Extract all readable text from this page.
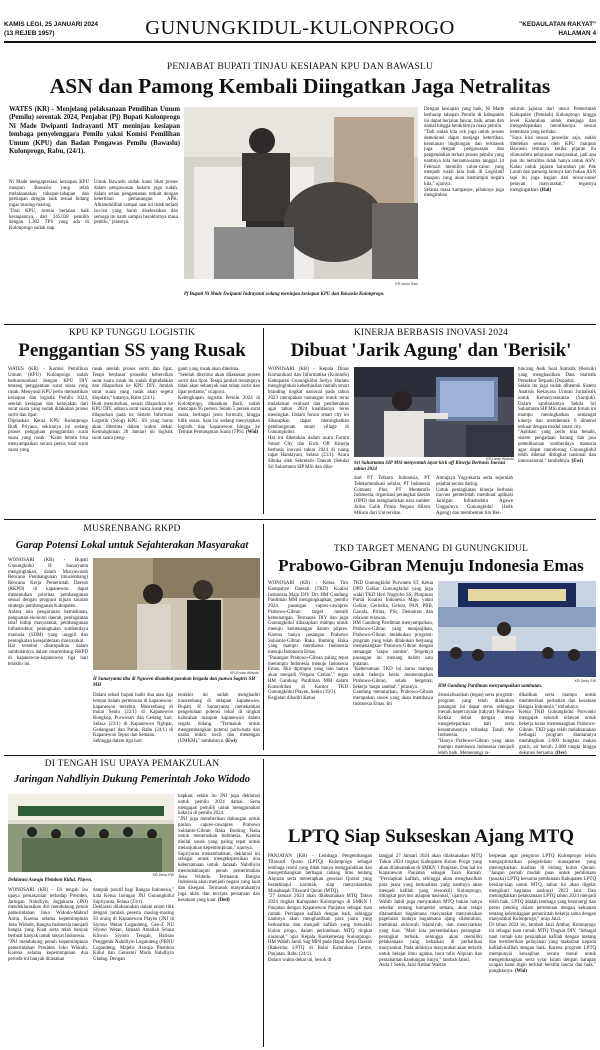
KAMIS LEGI, 25 JANUARI 2024
(13 REJEB 1957)	GUNUNGKIDUL-KULONPROGO	"KEDAULATAN RAKYAT"
HALAMAN 4
PENJABAT BUPATI TINJAU KESIAPAN KPU DAN BAWASLU
ASN dan Pamong Kembali Diingatkan Jaga Netralitas

WATES (KR) - Menjelang pelaksanaan Pemilihan Umum (Pemilu) serentak 2024, Penjabat (Pj) Bupati Kulonprogo Ni Made Dwipanti Indrayanti MT meninjau kesiapan lembaga penyelenggara Pemilu yakni Komisi Pemilihan Umum (KPU) dan Badan Pengawas Pemilu (Bawaslu) Kulonprogo, Rabu, (24/1).

Ni Made mengapresiasi kesiapan KPU maupun Bawaslu yang telah melaksanakan tahapan-tahapan dan persiapan dengan baik sesuai bidang tugas masing-masing.
"Dari KPU, semua berjalan baik kesiapannya, dari 345.038 pemilih dengan 1.302 TPS yang ada di Kulonprogo sudah siap.

Untuk Bawaslu sudah kami lihat proses dalam pengawasan hukum juga sudah, dalam artian pengamanan terkait dengan ketertiban pemasangan APK. Alhamdulillah sampai saat ini tidak terjadi isu-isu yang harus diselesaikan dan semoga itu nanti sampai berakhirnya masa pemilu," jelasnya.

Pj Bupati Ni Made Dwipanti Indrayanti sedang meninjau kesiapan KPU dan Bawaslu Kulonprogo.
KR-Asrul Sani

Dengan kesiapan yang baik, Ni Made berharap tahapan Pemilu di kabupaten ini dapat berjalan lancar, baik, aman dan damai hingga berakhirnya masa pemilu.
"Tadi sudah kita cek juga untuk proses demokrasi dapat menjaga ketertiban, keamanan lingkungan dan termasuk juga dengan pengawasan dan pengendalian terkait proses pemilu yang nantinya kita bersama-sama tanggal 14 Februari memilih calon-calon yang menjadi wakil kita baik di Legislatif maupun yang akan memimpin negara kita," ujarnya.
Selama masa kampanye, pihaknya juga mengimbau

seluruh jajaran dari unsur Pemerintah Kabupaten (Pemkab) Kulonprogo hingga level Kalurahan untuk menjaga dan mengedepankan netralitasnya sesuai ketentuan yang berlaku.
"Saya kira sesuai prosedur saja, sudah ditetekan semua oleh KPU maupun Bawaslu tentunya ketika pijaran itu silaturahmi pelayanan masyarakat, jadi apa pun itu netralitas tidak hanya untuk ASN. Kalau untuk jajaran kalurahan pic Pak Lurah dan pamong lainnya kan bukan ASN tapi itu juga bagian dari unsur-unsur pelayan masyarakat," tegasnya mengingatkan. (Rul)

KPU KP TUNGGU LOGISTIK
Penggantian SS yang Rusak

WATES (KR) - Komisi Pemilihan Umum (KPU) Kulonprogo sudah berkomunikasi dengan KPU DIY tentang penggantian surat suara yang rusak. Menyusul KPU perlu memastikan kesiapan dan logistik Pemilu 2024, setelah kesiapan dan kelayakan dari surat suara yang sudah dilakukan proses sortir dan lipat.
Dijelaskan Ketua KPU Kulonprogo Budi Priyana, sekiranya ini sedang proses pengajuan penggantian surat suara yang rusak. "Kami belum bisa menyampaikan secara persis total surat suara yang

rusak setelah proses sortir dan lipat. Tetapi berdasar prosedur kebersihan surat suara rusak itu sudah dipindahkan dan dilaporkan ke KPU DIY. Jumlah surat suara yang rusak akan segera diupdate," katanya, Rabu (24/1).
Budi menuturkan, sesuai dilaporkan ke KPU DIY, adanya surat suara rusak yang dilaporkan pada ke Sistem Informasi Logistik (Silog) KPU. SS yang harus akan diterima dalam waktu dekat. Kemungkinan 26 Januari ini logistik surat suara peng-

ganti yang rusak akan diterima.
"Setelah diterima akan dilakukan proses sortir dan lipat. Tetapi jumlah tentangnya tidak akan sebanyak saat tahap sortir dan lipat pertama," ucapnya.
Kelengkapan logistik Pemilu 2024 di Kulonprogo, dikatakan Budi, sudah mencapai 95 persen. Selain 5 persen surat suara, berbagai jenis formulir, hingga bilik suara. Saat ini sedang menyiapkan logistik tiap kapanewon hingga ke Tempat Pemungutan Suara (TPS). (Wid)

KINERJA BERBASIS INOVASI 2024
Dibuat 'Jarik Agung' dan 'Berisik'

WONOSARI (KR) - Kepala Dinas Komunikasi dan Informatika (Kominfo) Kabupaten Gunungkidul Setiyo Hartato menginginkan keberhasilan meraih smart branding tingkat nasional pada tahun 2023 merupakan tantangan untuk terus melakukan evaluasi dan pembenahan agar tahun 2024 kualitasnya terus meningkat. Dalam forum smart city ini diharapkan dapat meningkatkan pembangunan smart village di Gunungkidul.
Hal ini diketakan dalam acara Forum Smart City dan Kick Off Kinerja berbasis inovasi tahun 2024 di ruang rapat Handayani, Selasa (23/1). Acara dibuka oleh Sekretaris Daerah (Sekda) Sri Suhartanta SIP MSi dan diha-

Sri Suhartanta SIP MSi menyentuh layar kick off Kinerja Berbasis Inovasi tahun 2024
KR-Dedy Widodo

dari PT Telkom Indonesia, PT Telekomunikasi selular, PT Indonesia Comnets Plus, PT Mentemfis Indonesia, organisasi perangkat daerah (OPD) dan menghadirkan nara sumber Julius Galih Prima Negara SKom MKom dari Universitas

Atmajaya Yogyakarta serta sejumlah pejabat secara daring.
Untuk peningkatan kinerja berbasis inovasi pemerintah membuat aplikasi Jaringan Infrastruktur Agawe Unggulnya Gunungkidul (Jarik Agung) dan membentuk tim Ber-

bincang Aeik Soal Statistik (Berisik) yang menghasilkan Data Statistik Persektor Terpadu (Dopadu).
Selain itu juga sudah dibentuk Sistem Analisis Rekayasa Urusan Jurnalistik untuk Kemasyarakatan (Sarujuk). Dalam sambutannya Sekda Sri Suhartanta SIP MSi menuntut forum ini mampu meningkatkan semangat kinerja dan membentuk 6 dimensi terkuat dengan model smart city.
"Aplikasi yang perlu kita benahi, sistem pengadaan barang dan jasa pemeliharaan sumberdaya manusia agar dapat mendorong Gunungkidul lebih dikenal ditingkat nasional dan internasional," tambahnya. (Ewi)

MUSRENBANG RKPD
Garap Potensi Lokal untuk Sejahterakan Masyarakat

WONOSARI (KR) - Bupati Gunungkidul H Sunaryanta menginginkan, dalam Musyawarah Rencana Pembangunan (musrenbang) Rencana Kerja Pemerintah Daerah (RKPD) di kapanewon dapat menentukan prioritas pembangunan sesuai dengan program tujuan sasaran strategis pembangunan Kabupaten.
Antara lain penguranan kemiskinan, penguatan ekonomi daerah, peningkatan taraf hidup masyarakat, pembangunan infrastruktur, peningkatan sumberdaya manusia (SDM) yang unggul dan peningkatan kesejahteraan masyarakat.
Hal tersebut disampaikan dalam sambutannya dalam musrenbang RKPD di kapanewon-kapanewon tiga hari terakhir ini.

KR-Endar Widodo
H Sunaryanta tiba di Nguwen disambut pasukan brigada dan punwa Sagiris SH MH

Dalam sehari bupati hadir dua atau tiga tempat dalam pertemuan di kapanewon-kapanewon tersebut. Musrenbang di mulai Senin (22/1) di Kapanewon Rongkop, Purwosari dan Gedang Sari. Selasa (23/1) di Kapanewon Nglipar, Gedangsari dan Patuk. Rabu (24/1) di Kapanewon Tepus dan Semanu.
Sehingga dalam tiga hari

terakhir ini sudah menghadiri musrenbang di delapan kapanewon. Bupati H Sunaryanta menekankan pengelolaan potensi lokal di tingkat kalurahan maupun kapanewon dalam segala bidang. "Termasuk untuk mengembangkan potensi pariwisata dan usaha mikro kecil dan menengah (UMKM)," tambahnya. (Ewi)

TKD TARGET MENANG DI GUNUNGKIDUL
Prabowo-Gibran Menuju Indonesia Emas

WONOSARI (KR) - Ketua Tim Kampanye Daerah (TKD) Koalisi Indonesia Maju DIY Drs HM Gandung Pardiman MM mengungkapkan, pemilu 2024, pasangan capres-cawapres Prabowo-Gibran target meraih kemenangan. Termasuk DIY dan juga Gunungkidul diharapkan mampu untuk menuju kemenangan dalam pilpres. Karena hanya pasangan Prabowo Subianto-Gibran Raka Buming Raka yang mampu membawa Indonesia menuju Indonesia Emas.
"Pasangan Prabowo-Gibran paling tepat meminpin Indonesia menuju Indonesia Emas. Jika dipimpin yang lain hanya akan menjadi 'Negara Cemas'," tegas HM Gandung Pardiman MM dalam Konsolidasi di Kantor TKD Gunungkidul Playen, Senin (19/1).
Kegiatan dihadiri Ketua

TKD Gunungkidul Purwanto ST, Ketua DPD Golkar Gunungkidul yang juga wakil TKD Heri Nugroho SS, Pimpinan Partai Koalisi Indonesia Maju yakni Golkar, Gerindra, Gelora, PAN, PBB, Garuda, Prima, PSI, Demokrat dan relawan relawan.
HM Gandung Pardiman menyampaikan, Prabowo-Gibran yang menjanjikan, Prabowo-Gibran melakukan program-program yang telah dilakukan berjuang memenangkan Prabowo-Gibran dengan semangat 'tanpo sambat'. Tergetnya pasangan ini menang dalam satu putaran.
"Kebersatuan TKD ini harus mampu untuk bekerja keras memenangkan Prabowo-Gibran, selalu bergerak, bekerja 'tanpo sambat'," jelasnya.
Gandung menuturkan, Prabowo-Gibran merupakan sosok yang akan membawa Indonesia Emas. Ini

KR-Dedy EW
HM Gandung Pardiman menyampaikan sambutan.

disosialisasikan (tegas) serta program-program yang telah dilakukan pasangan ini dapat terus sehingga meraih kepercayaan (rakyat). Prabowo Ketika debat dengan tetap mengedepankan hati serta kesantunannya terhadap Tanah Air Indonesia.
"Hanya Prabowo-Gibran yang akan mampu membawa Indonesia menjadi lebih baik. Memenangi ra-

dikalikan serta mampu untuk memberikan perhatian dan kesatuan Bangsa Indonesia," imbuhnya.
Ketua TKD Gunungkidul Purwanto mengajak seluruh relawan untuk bekerja keras memenangkan Prabowo-Gibran. TKD juga telah melaksanakan berbagai program diantaranya membagikan 3.000 bungkus makan gratis, air bersih 2.000 tangki hingga dekarasi bersama. (Dev)

DI TENGAH ISU UPAYA PEMAKZULAN
Jaringan Nahdliyin Dukung Pemerintah Joko Widodo
KR-Dedy EW
Deklarasi Aswaja Plembon Kidul, Playen.

WONOSARI (KR) - Di tengah isu upaya pemakzulan terhadap Presiden, Jaringan Nahdliyin Jogjakarta (JNJ) mendeklarasikan diri mendukung penuh pemerintahan Joko Widodo-Mahruf Amin. Karena selama kepemimpinan Joko Widodo, Bangsa Indonesia menjadi bangsa yang Kuat serta telah banyak berbuat banyak untuk rakyat Indonesia.
"JNJ mendukung penuh kepemimpinan pemerintahan Presiden Joko Widodo. Karena selama kepemimpinan dua periode ini banyak dirasakan

dampak positif bagi Bangsa Indonesia," kata Ketua Jaringan JNJ Gunungkidul Supriyanta, Selasa (23/1).
Deklarasi dilaksanakan dalam enam titik dengan jumlah peserta masing-masing 50 orang di Kapanewon Playen (JNJ di Siyono Wetan Logandeng, Gen-Z NU Siyono Wetan, Jamaah Amaliah Selasa Kliwon Siyono Tengah, Barisan Penggerak Nahdliyin Logandeng (PBNU Logandeng, Majelis Aswaja Plembon Kidul dan Generasi Muda Nahdliyin Gladag. Dengan

kapkan, selain itu JNJ juga deklarasi untuk pemilu 2024 damai. Serta mengajak pemilih untuk menggunakan haknya di pemilu 2024.
"JNJ juga memberikan dukungan untuk paslon capres-cawapres Prabowo Subianto-Gibran Raka Buming Raka untuk meneruskan Indonesia. Karena dinilai sosok yang paling tepat untuk melanjutkan kepemimpinan," ujarnya.
Supriyanta menambahkan, deklarasi ini sebagai untuk mengekspresikan doa kebersamaan untuk Jamaah Nahdliyin menindaklanjuti penuh pemerintahan Joko Widodo. Termasuk Bangsa Indonesia akan menjadi negara yang kuat dan disegani. Termasuk masyarakatnya juga akan dan tercipta persatuan dan kesatuan yang kuat. (Ded)

LPTQ Siap Sukseskan Ajang MTQ

PANJATAN (KR) - Lembaga Pengembangan Tilawatil Quran (LPTQ) Kulonprogo sebagai lembaga resmi yang tidak hanya menggalakkan dan mengembangkan berbagai cabang ilmu tentang Alquran serta menerapkan generasi Qurani yang berakhlaqul karimah, siap menyukseskan Musabaqah Tilawatil Quran (MTQ).
"27 Januari 2024 akan dilaksanakan MTQ Tahun 2024 tingkat Kabupaten Kulonprogo di SMKN 1 Panjatan dengan Kapanewon Panjatan sebagai tuan rumah. Persiapan kafilah dengan baik, sehingga nantinya akan menghasilkan para juara yang berkualitas dan menjadi kafilah yang mewakili Kulon progo, dalam perlombaan MTQ tingkat nasional," ujar Kepala Kankemenag Kulonprogo, HM Wahib Jamil Sag MPd pada Rapat Kerja Daerah (Rakerda) LPTQ di Balai Kalurahan Cerme, Panjatan, Rabu (24/1).
Dalam waktu dekat ini, besok di

tanggal 27 Januari 2024 akan dilaksanakan MTQ Tahun 2024 tingkat Kabupaten Kulon Progo yang akan dilaksanakan di SMKN 1 Panjatan. Dan hal ini Kapanewon Panjatan sebagai Tuan Rumah. "Persiapkan kafilah, sehingga akan menghasilkan para juara yang berkualitas yang nantinya akan menjadi kafilah yang mewakili Kulonprogo, ditingkat provinsi ataupun nasional," ujarnya.
Wahib Jamil juga menyatakan MTQ bukan hanya sekedar tentang kompetisi semata, akan tetapi ditanamkan bagaimana masyarakat menyaksikan pagelaran budaya bagaimana ajang silaturahmi, membina ukhuwah Islamiyah, dan mensyiarkan yang luas. "Mari kita persembahkan perangkat-perangkat terbaik, sehingga akan memiliki pelaksanaan yang kebaikan di perhatikan masyarakat. Pada akhirnya masyarakat akan tertarik untuk belajar ilmu agama, baca tulis Alquran dan pemahaman kandungan isinya," tambah Jamil.
Asda 1 Setda, Jaizi Ambar Wastan

berpesan agar pengurus LPTQ Kulonprogo selalu mengoptimalkan pengelolaan manajemen yang meningkatkan kualitas di bidang kulon Qurani. "Jangan pernah mudah puas untuk pembinaan (pusaka) LPTQ bersama pembinaan Kabupaten LPTQ bersiap-siap untuk MTQ, tahun ini akan digelar mengikuti kegiatan nasional 2023 lalu. Dan meningkatkan pelaksanaan LPTQ tahun 2024 menjadi lebih baik. LPTQ adalah lembaga yang bersinergi dan peran penting dalam pertemuan dengan kekuatan tentang kelembagaan pemerintah bekerja sama dengan masyarakat Kulonprogo," ucap Jaizi.
Di tahun 2024 ini, tambah Jaizi Ambar, Kulonprogo ini sebagai tuan rumah MTQ Tingkat DIY. "Sebagai tuan rumah kita persiapkan kafilah dengan matang dan memberikan pelayanan yang maksimal kepada kafilah-kafilah dengan baik. Karena program LPTQ mempunyai kewajiban secara moral untuk mengembangkan serta syiar Islam dengan harapan ucapan kami ingin terlihat bersifat lancar dan baik," pungkasnya. (Wid)
